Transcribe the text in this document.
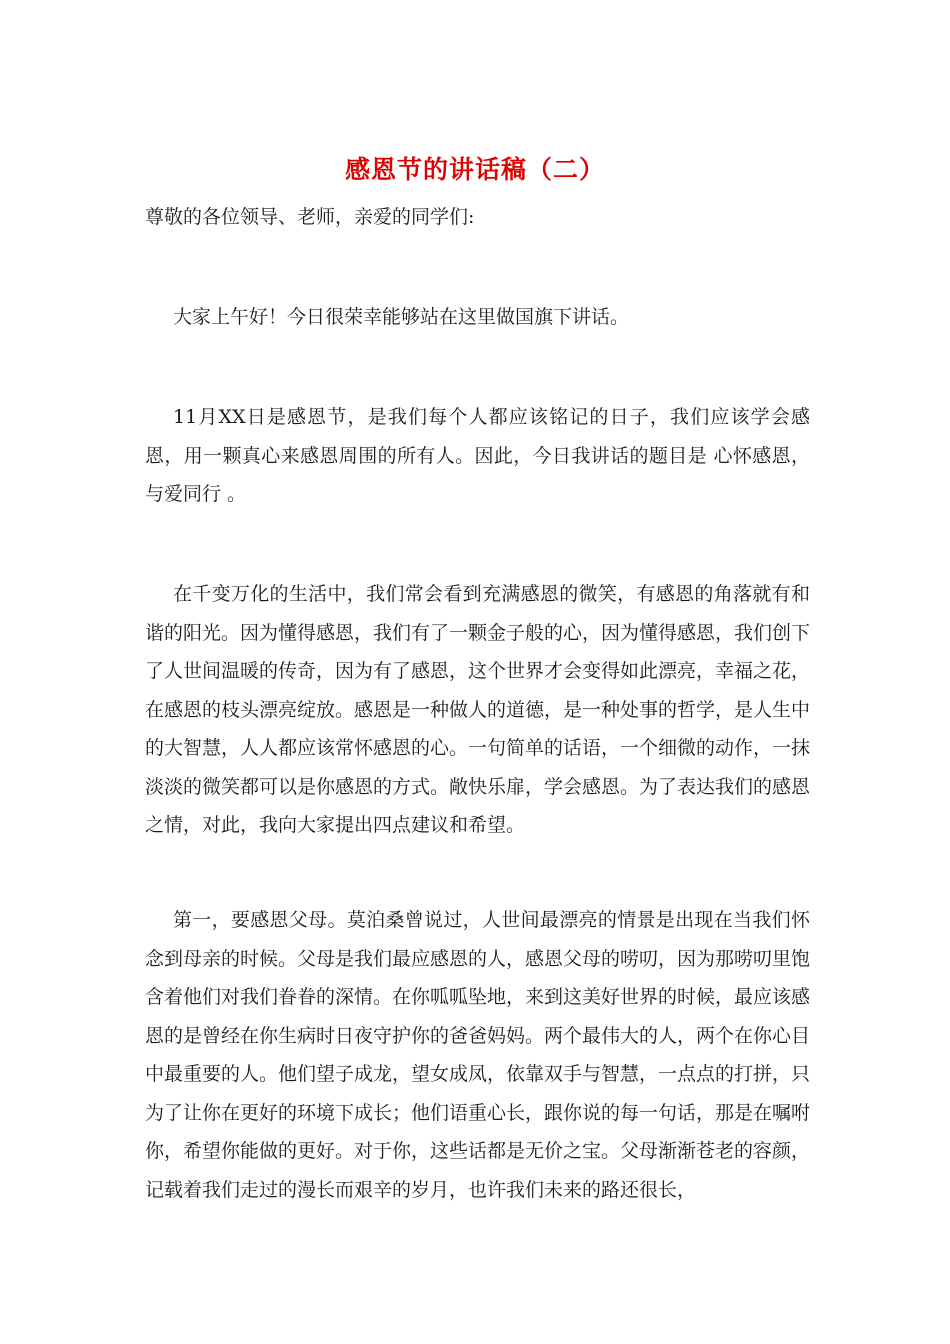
感恩节的讲话稿（二）
尊敬的各位领导、老师，亲爱的同学们:

大家上午好！今日很荣幸能够站在这里做国旗下讲话。

11月XX日是感恩节，是我们每个人都应该铭记的日子，我们应该学会感恩，用一颗真心来感恩周围的所有人。因此，今日我讲话的题目是 心怀感恩，与爱同行 。

在千变万化的生活中，我们常会看到充满感恩的微笑，有感恩的角落就有和谐的阳光。因为懂得感恩，我们有了一颗金子般的心，因为懂得感恩，我们创下了人世间温暖的传奇，因为有了感恩，这个世界才会变得如此漂亮，幸福之花，在感恩的枝头漂亮绽放。感恩是一种做人的道德，是一种处事的哲学，是人生中的大智慧，人人都应该常怀感恩的心。一句简单的话语，一个细微的动作，一抹淡淡的微笑都可以是你感恩的方式。敞快乐扉，学会感恩。为了表达我们的感恩之情，对此，我向大家提出四点建议和希望。

第一，要感恩父母。莫泊桑曾说过，人世间最漂亮的情景是出现在当我们怀念到母亲的时候。父母是我们最应感恩的人，感恩父母的唠叨，因为那唠叨里饱含着他们对我们眷眷的深情。在你呱呱坠地，来到这美好世界的时候，最应该感恩的是曾经在你生病时日夜守护你的爸爸妈妈。两个最伟大的人，两个在你心目中最重要的人。他们望子成龙，望女成凤，依靠双手与智慧，一点点的打拼，只为了让你在更好的环境下成长；他们语重心长，跟你说的每一句话，那是在嘱咐你，希望你能做的更好。对于你，这些话都是无价之宝。父母渐渐苍老的容颜，记载着我们走过的漫长而艰辛的岁月，也许我们未来的路还很长，
